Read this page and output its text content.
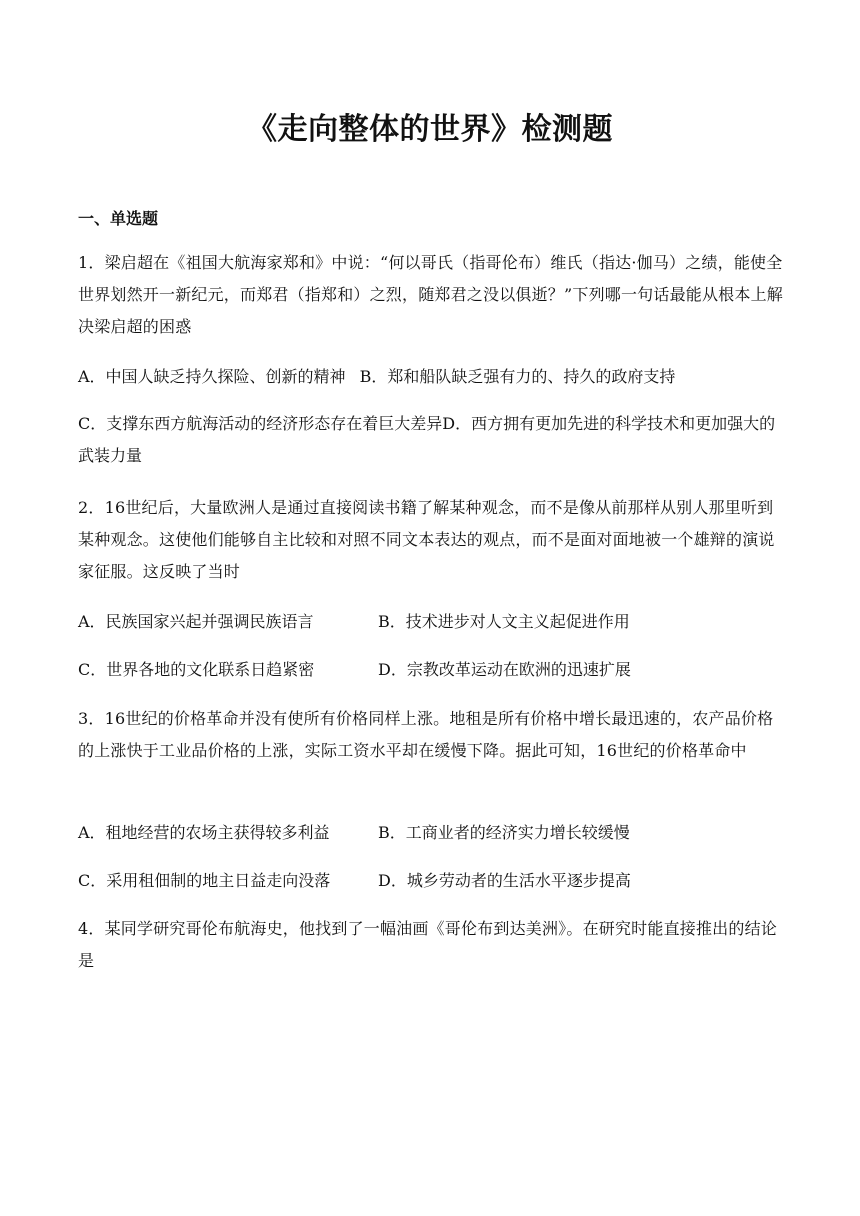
《走向整体的世界》检测题
一、单选题

1．梁启超在《祖国大航海家郑和》中说：“何以哥氏（指哥伦布）维氏（指达·伽马）之绩，能使全世界划然开一新纪元，而郑君（指郑和）之烈，随郑君之没以俱逝？”下列哪一句话最能从根本上解决梁启超的困惑

A．中国人缺乏持久探险、创新的精神 B．郑和船队缺乏强有力的、持久的政府支持
C．支撑东西方航海活动的经济形态存在着巨大差异D．西方拥有更加先进的科学技术和更加强大的武装力量

2．16世纪后，大量欧洲人是通过直接阅读书籍了解某种观念，而不是像从前那样从别人那里听到某种观念。这使他们能够自主比较和对照不同文本表达的观点，而不是面对面地被一个雄辩的演说家征服。这反映了当时

A．民族国家兴起并强调民族语言	B．技术进步对人文主义起促进作用
C．世界各地的文化联系日趋紧密	D．宗教改革运动在欧洲的迅速扩展

3．16世纪的价格革命并没有使所有价格同样上涨。地租是所有价格中增长最迅速的，农产品价格的上涨快于工业品价格的上涨，实际工资水平却在缓慢下降。据此可知，16世纪的价格革命中

A．租地经营的农场主获得较多利益	B．工商业者的经济实力增长较缓慢
C．采用租佃制的地主日益走向没落	D．城乡劳动者的生活水平逐步提高

4．某同学研究哥伦布航海史，他找到了一幅油画《哥伦布到达美洲》。在研究时能直接推出的结论是
